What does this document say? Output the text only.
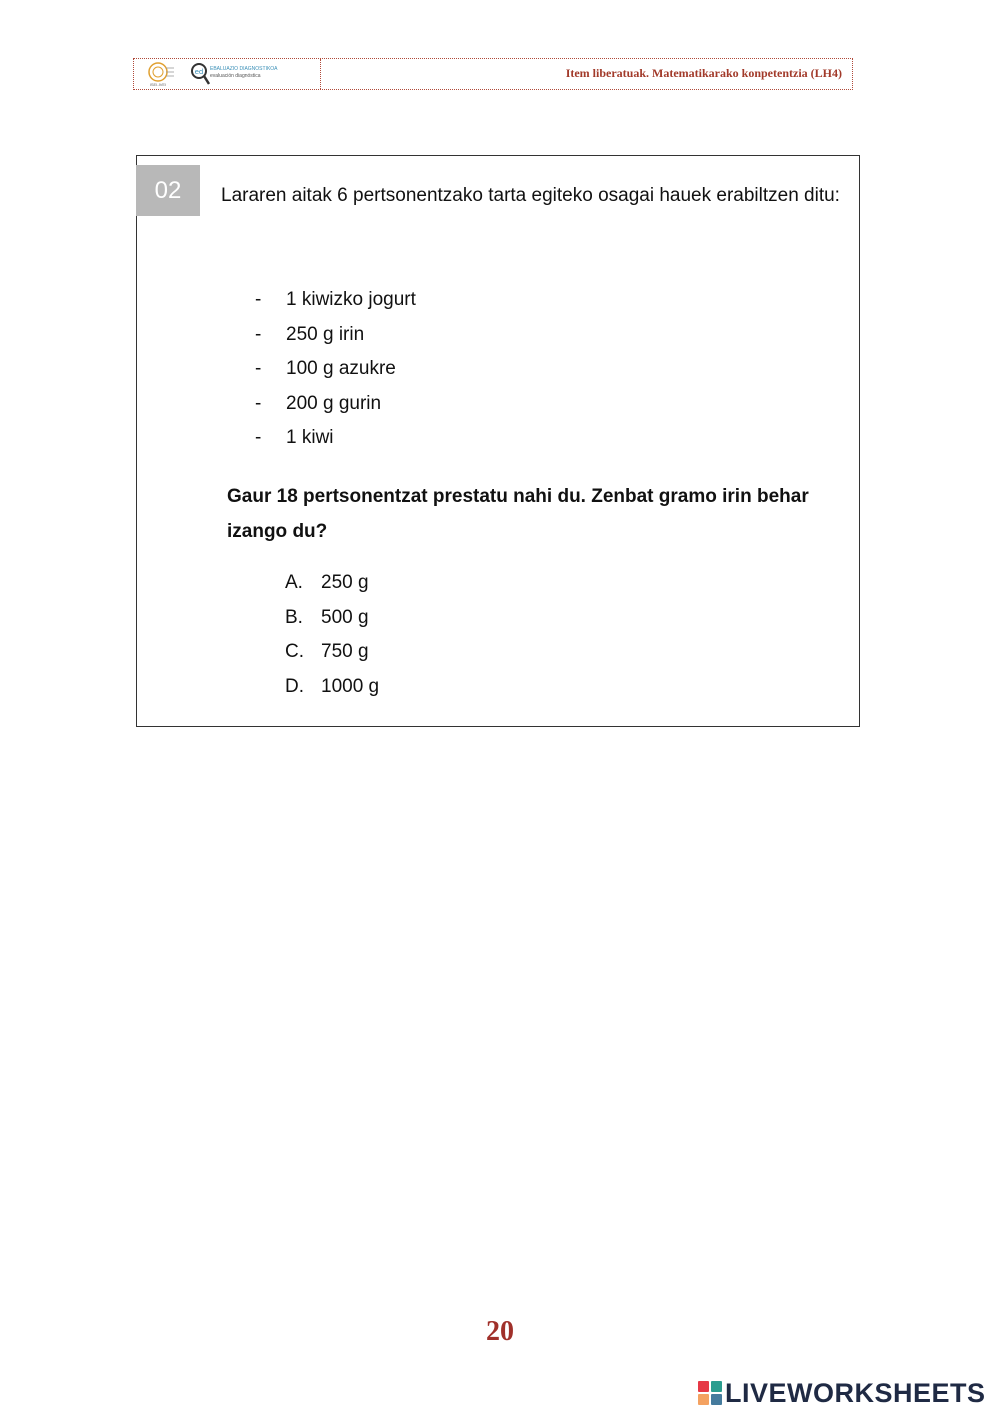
ISEI-IVEI
ed EBALUAZIO DIAGNOSTIKOA
evaluación diagnóstica	Item liberatuak. Matematikarako konpetentzia (LH4)
02	Lararen aitak 6 pertsonentzako tarta egiteko osagai hauek erabiltzen ditu:
-	1 kiwizko jogurt
-	250 g irin
-	100 g azukre
-	200 g gurin
-	1 kiwi
Gaur 18 pertsonentzat prestatu nahi du. Zenbat gramo irin behar izango du?
A. 250 g
B. 500 g
C. 750 g
D. 1000 g
20
LIVEWORKSHEETS
